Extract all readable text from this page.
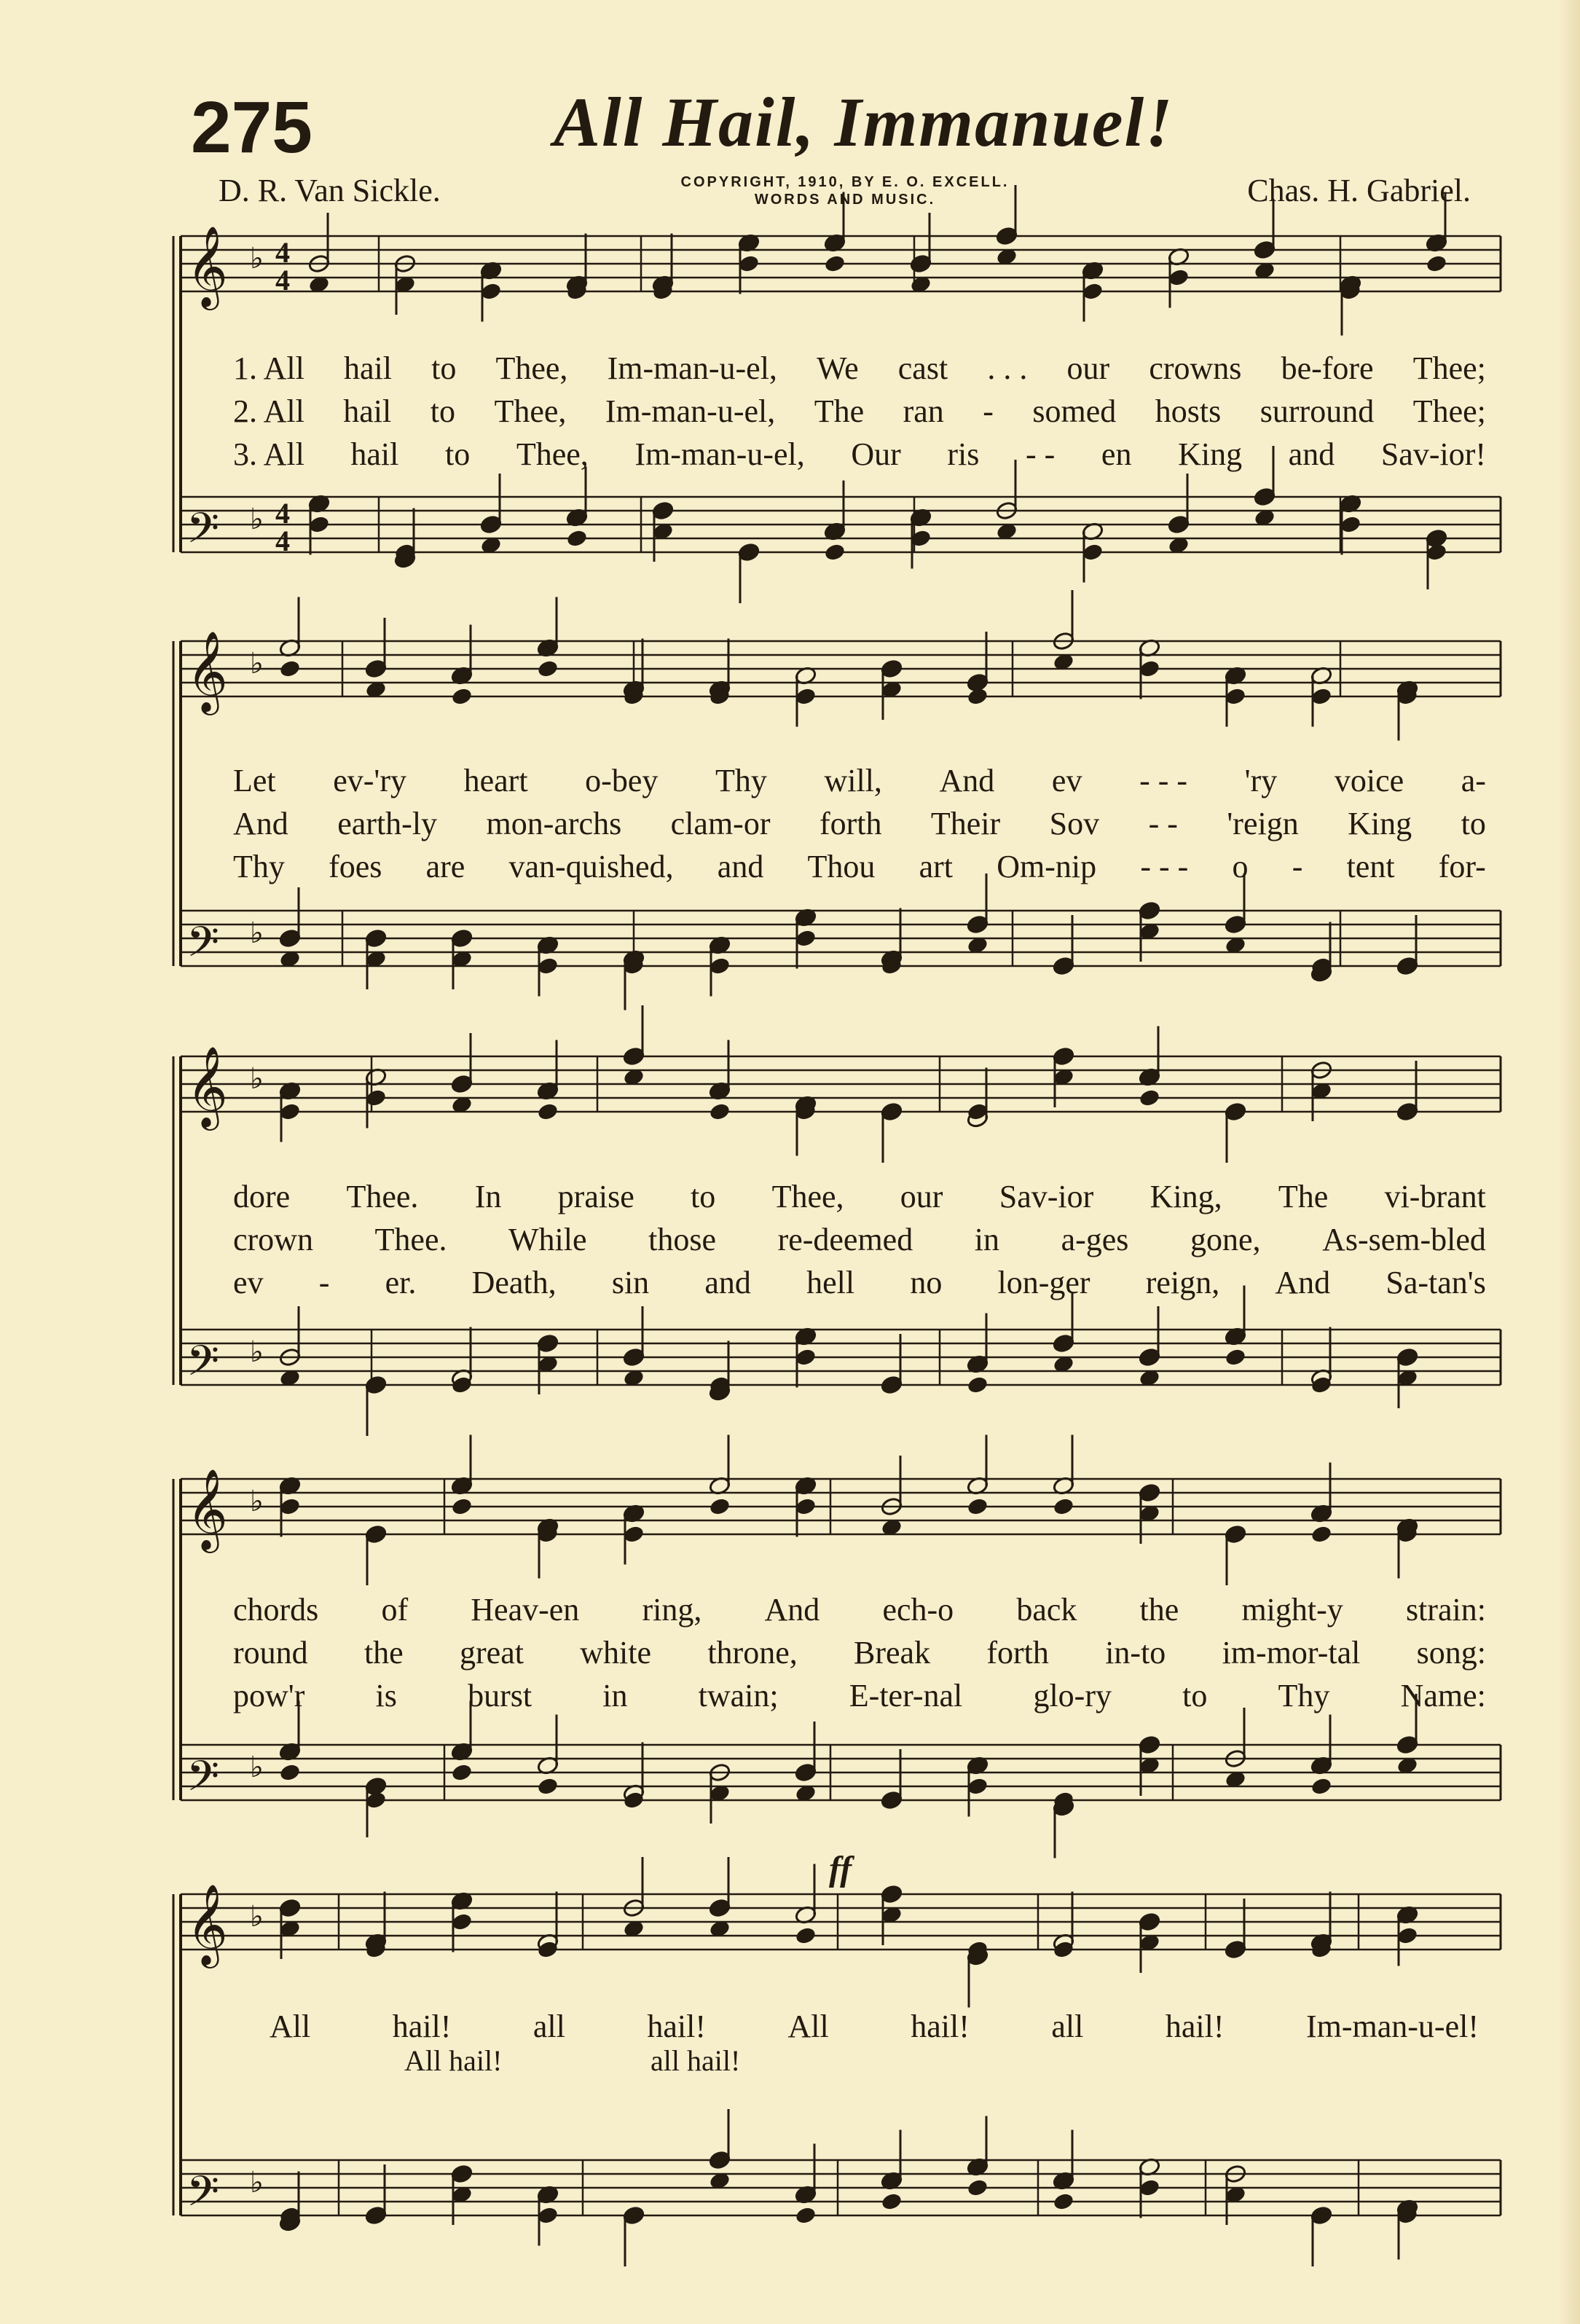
275	All Hail, Immanuel!
D. R. Van Sickle.	COPYRIGHT, 1910, BY E. O. EXCELL.
WORDS AND MUSIC.	Chas. H. Gabriel.
𝄞 ♭ 4
4
𝄢 ♭ 4
4
𝄞 ♭
𝄢 ♭
𝄞 ♭
𝄢 ♭
𝄞 ♭
𝄢 ♭
𝄞 ♭
𝄢 ♭
1. All hail to Thee, Im-man-u-el, We cast . . . our crowns be-fore Thee;
2. All hail to Thee, Im-man-u-el, The ran - somed hosts surround Thee;
3. All hail to Thee, Im-man-u-el, Our ris - - en King and Sav-ior!
Let ev-'ry heart o-bey Thy will, And ev - - - 'ry voice a-
And earth-ly mon-archs clam-or forth Their Sov - - 'reign King to
Thy foes are van-quished, and Thou art Om-nip - - - o - tent for-
dore Thee. In praise to Thee, our Sav-ior King, The vi-brant
crown Thee. While those re-deemed in a-ges gone, As-sem-bled
ev - er. Death, sin and hell no lon-ger reign, And Sa-tan's
chords of Heav-en ring, And ech-o back the might-y strain:
round the great white throne, Break forth in-to im-mor-tal song:
pow'r is burst in twain; E-ter-nal glo-ry to Thy Name:
All	hail!	all	hail!	All	hail!	all	hail!	Im-man-u-el!
All hail!	all hail!
ff
